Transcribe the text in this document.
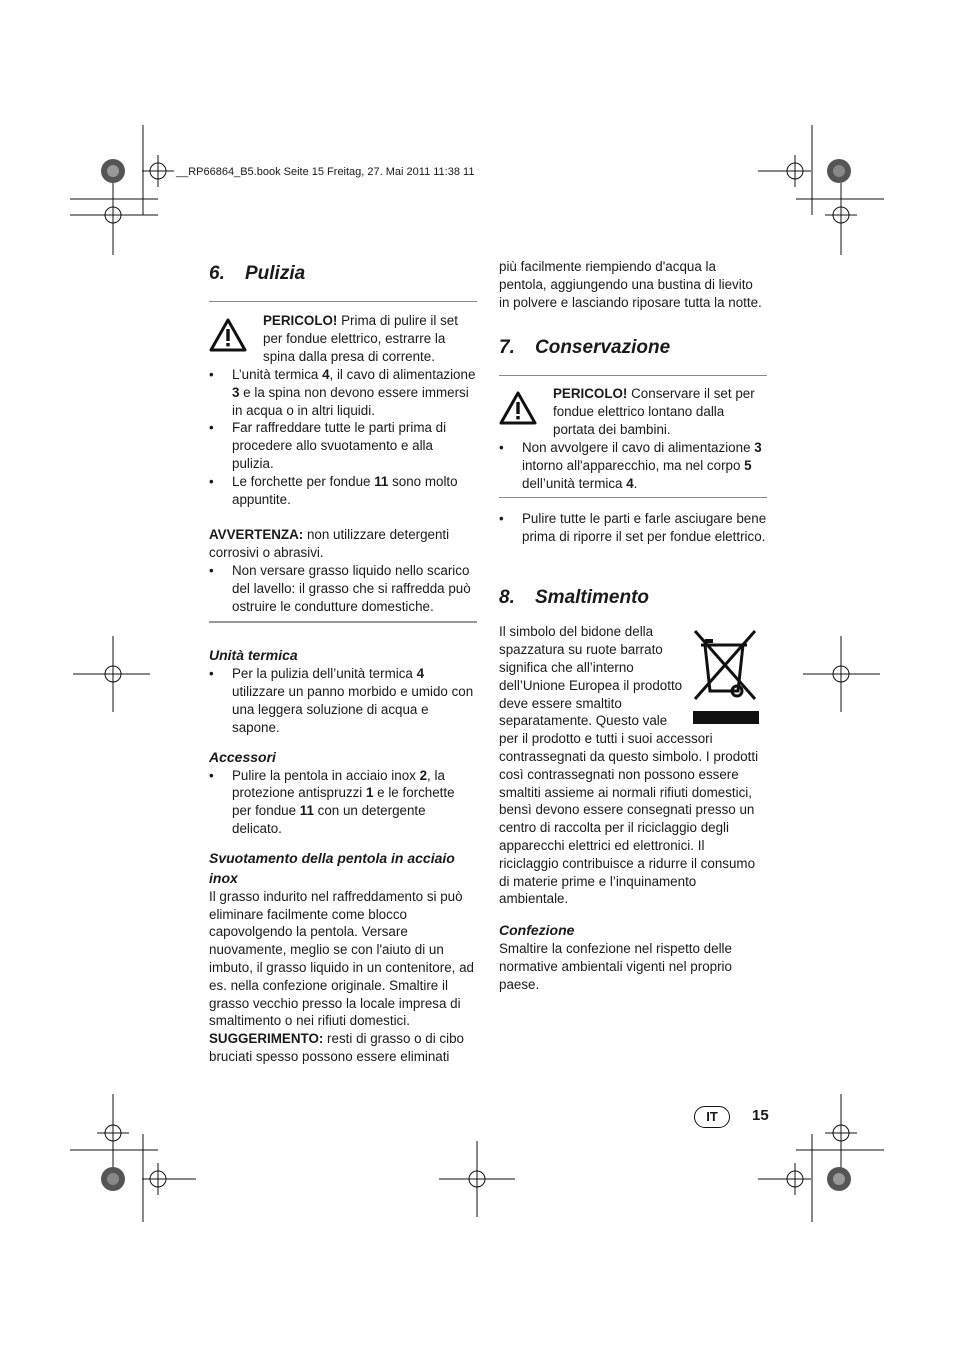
__RP66864_B5.book Seite 15 Freitag, 27. Mai 2011 11:38 11
6. Pulizia
PERICOLO! Prima di pulire il set per fondue elettrico, estrarre la spina dalla presa di corrente.
• L’unità termica 4, il cavo di alimentazione 3 e la spina non devono essere immersi in acqua o in altri liquidi.
• Far raffreddare tutte le parti prima di procedere allo svuotamento e alla pulizia.
• Le forchette per fondue 11 sono molto appuntite.
AVVERTENZA: non utilizzare detergenti corrosivi o abrasivi.
• Non versare grasso liquido nello scarico del lavello: il grasso che si raffredda può ostruire le condutture domestiche.
Unità termica
• Per la pulizia dell’unità termica 4 utilizzare un panno morbido e umido con una leggera soluzione di acqua e sapone.
Accessori
• Pulire la pentola in acciaio inox 2, la protezione antispruzzi 1 e le forchette per fondue 11 con un detergente delicato.
Svuotamento della pentola in acciaio inox
Il grasso indurito nel raffreddamento si può eliminare facilmente come blocco capovolgendo la pentola. Versare nuovamente, meglio se con l'aiuto di un imbuto, il grasso liquido in un contenitore, ad es. nella confezione originale. Smaltire il grasso vecchio presso la locale impresa di smaltimento o nei rifiuti domestici.
SUGGERIMENTO: resti di grasso o di cibo bruciati spesso possono essere eliminati
più facilmente riempiendo d'acqua la pentola, aggiungendo una bustina di lievito in polvere e lasciando riposare tutta la notte.
7. Conservazione
PERICOLO! Conservare il set per fondue elettrico lontano dalla portata dei bambini.
• Non avvolgere il cavo di alimentazione 3 intorno all'apparecchio, ma nel corpo 5 dell’unità termica 4.
• Pulire tutte le parti e farle asciugare bene prima di riporre il set per fondue elettrico.
8. Smaltimento
Il simbolo del bidone della spazzatura su ruote barrato significa che all’interno dell’Unione Europea il prodotto deve essere smaltito separatamente. Questo vale per il prodotto e tutti i suoi accessori contrassegnati da questo simbolo. I prodotti così contrassegnati non possono essere smaltiti assieme ai normali rifiuti domestici, bensì devono essere consegnati presso un centro di raccolta per il riciclaggio degli apparecchi elettrici ed elettronici. Il riciclaggio contribuisce a ridurre il consumo di materie prime e l’inquinamento ambientale.
Confezione
Smaltire la confezione nel rispetto delle normative ambientali vigenti nel proprio paese.
IT	15
